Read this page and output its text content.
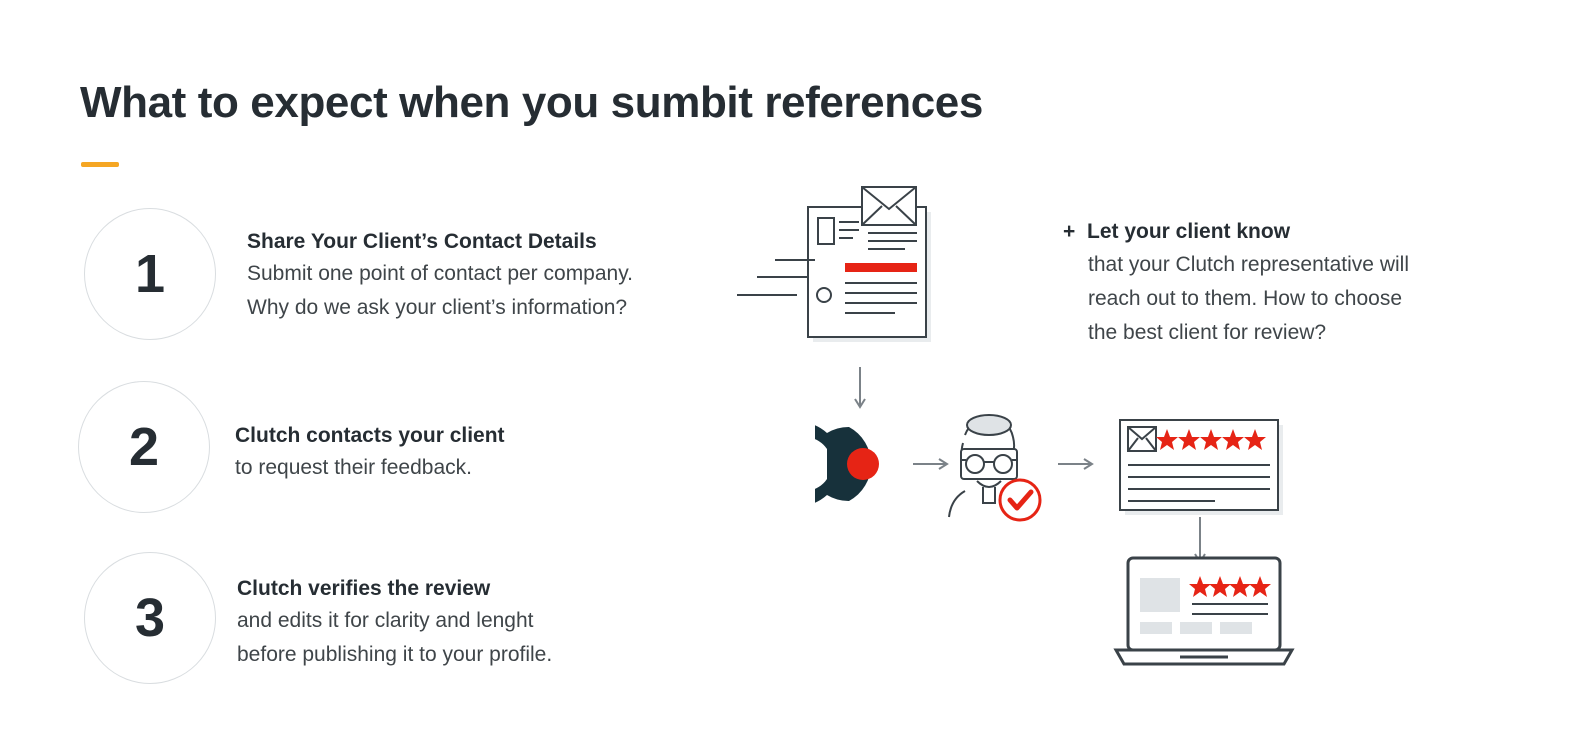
What to expect when you sumbit references
1
Share Your Client’s Contact Details
Submit one point of contact per company.
Why do we ask your client’s information?
2	Clutch contacts your client
to request their feedback.
3	Clutch verifies the review
and edits it for clarity and lenght
before publishing it to your profile.
+ Let your client know
that your Clutch representative will
reach out to them. How to choose
the best client for review?
